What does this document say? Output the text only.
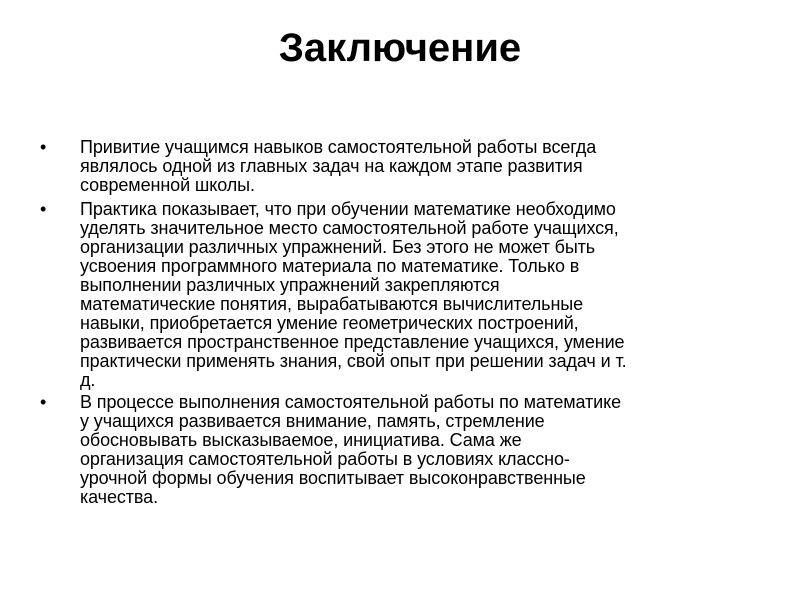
Заключение
• Привитие учащимся навыков самостоятельной работы всегда
являлось одной из главных задач на каждом этапе развития
современной школы.
• Практика показывает, что при обучении математике необходимо
уделять значительное место самостоятельной работе учащихся,
организации различных упражнений. Без этого не может быть
усвоения программного материала по математике. Только в
выполнении различных упражнений закрепляются
математические понятия, вырабатываются вычислительные
навыки, приобретается умение геометрических построений,
развивается пространственное представление учащихся, умение
практически применять знания, свой опыт при решении задач и т.
д.
• В процессе выполнения самостоятельной работы по математике
у учащихся развивается внимание, память, стремление
обосновывать высказываемое, инициатива. Сама же
организация самостоятельной работы в условиях классно-
урочной формы обучения воспитывает высоконравственные
качества.
